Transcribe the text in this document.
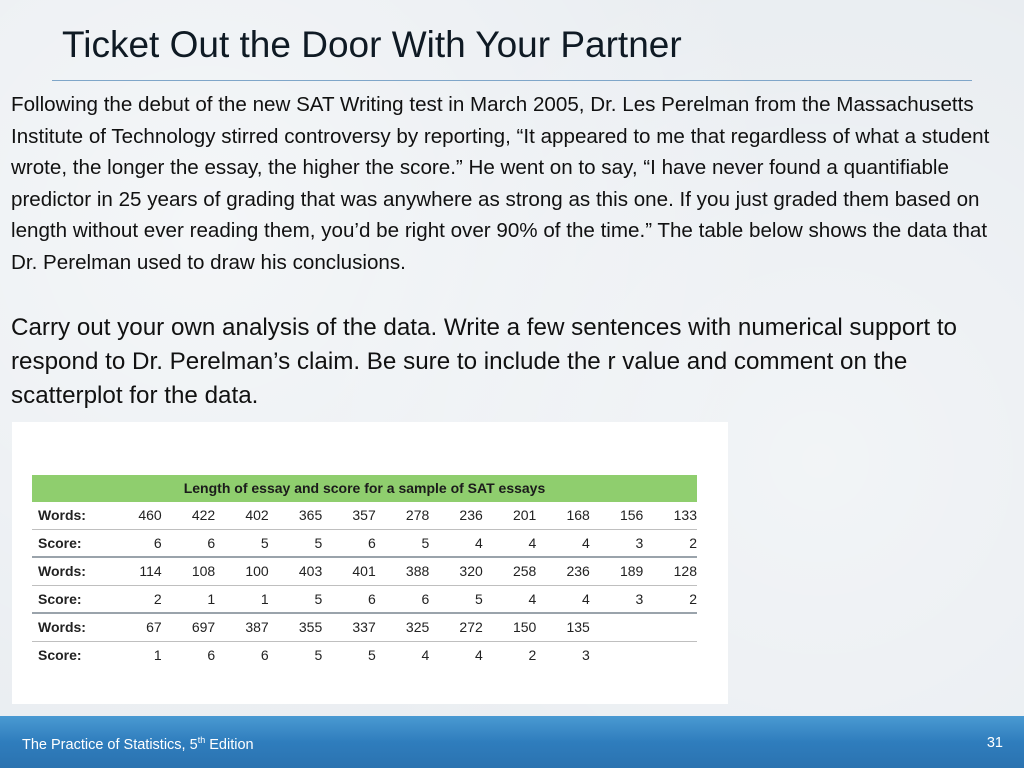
Ticket Out the Door With Your Partner

Following the debut of the new SAT Writing test in March 2005, Dr. Les Perelman from the Massachusetts Institute of Technology stirred controversy by reporting, “It appeared to me that regardless of what a student wrote, the longer the essay, the higher the score.” He went on to say, “I have never found a quantifiable predictor in 25 years of grading that was anywhere as strong as this one. If you just graded them based on length without ever reading them, you’d be right over 90% of the time.” The table below shows the data that Dr. Perelman used to draw his conclusions.

Carry out your own analysis of the data. Write a few sentences with numerical support to respond to Dr. Perelman’s claim. Be sure to include the r value and comment on the scatterplot for the data.

Length of essay and score for a sample of SAT essays
Words:	460	422	402	365	357	278	236	201	168	156	133
Score:	6	6	5	5	6	5	4	4	4	3	2
Words:	114	108	100	403	401	388	320	258	236	189	128
Score:	2	1	1	5	6	6	5	4	4	3	2
Words:	67	697	387	355	337	325	272	150	135		
Score:	1	6	6	5	5	4	4	2	3		
The Practice of Statistics, 5th Edition	31
